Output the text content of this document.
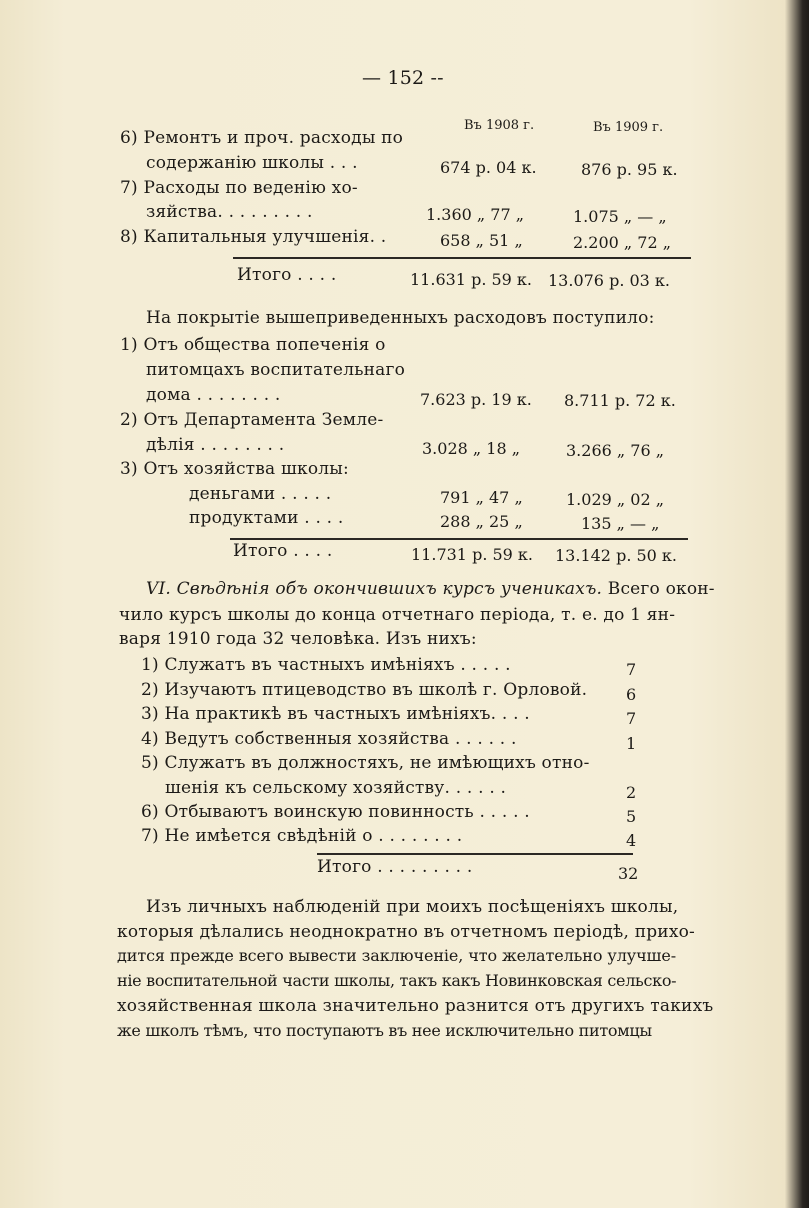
— 152 --
Въ 1908 г.	Въ 1909 г.
6) Ремонтъ и проч. расходы по
содержанію школы . . .	674 р. 04 к.	876 р. 95 к.
7) Расходы по веденію хо-
зяйства. . . . . . . . .	1.360 „ 77 „	1.075 „ — „
8) Капитальныя улучшенія. .	658 „ 51 „	2.200 „ 72 „
Итого . . . .	11.631 р. 59 к. 13.076 р. 03 к.
На покрытіе вышеприведенныхъ расходовъ поступило:
1) Отъ общества попеченія о
питомцахъ воспитательнаго
дома . . . . . . . .	7.623 р. 19 к. 8.711 р. 72 к.
2) Отъ Департамента Земле-
дѣлія . . . . . . . .	3.028 „ 18 „	3.266 „ 76 „
3) Отъ хозяйства школы:
деньгами . . . . .	791 „ 47 „	1.029 „ 02 „
продуктами . . . .	288 „ 25 „	135 „ — „
Итого . . . .	11.731 р. 59 к. 13.142 р. 50 к.
VI. Свѣдѣнія объ окончившихъ курсъ ученикахъ. Всего окон-
чило курсъ школы до конца отчетнаго періода, т. е. до 1 ян-
варя 1910 года 32 человѣка. Изъ нихъ:
1) Служатъ въ частныхъ имѣніяхъ . . . . .	7
2) Изучаютъ птицеводство въ школѣ г. Орловой. 6
3) На практикѣ въ частныхъ имѣніяхъ. . . .	7
4) Ведутъ собственныя хозяйства . . . . . .	1
5) Служатъ въ должностяхъ, не имѣющихъ отно-
шенія къ сельскому хозяйству. . . . . .	2
6) Отбываютъ воинскую повинность . . . . .	5
7) Не имѣется свѣдѣній о . . . . . . . .	4
Итого . . . . . . . . .	32
Изъ личныхъ наблюденій при моихъ посѣщеніяхъ школы,
которыя дѣлались неоднократно въ отчетномъ періодѣ, прихо-
дится прежде всего вывести заключеніе, что желательно улучше-
ніе воспитательной части школы, такъ какъ Новинковская сельско-
хозяйственная школа значительно разнится отъ другихъ такихъ
же школъ тѣмъ, что поступаютъ въ нее исключительно питомцы
